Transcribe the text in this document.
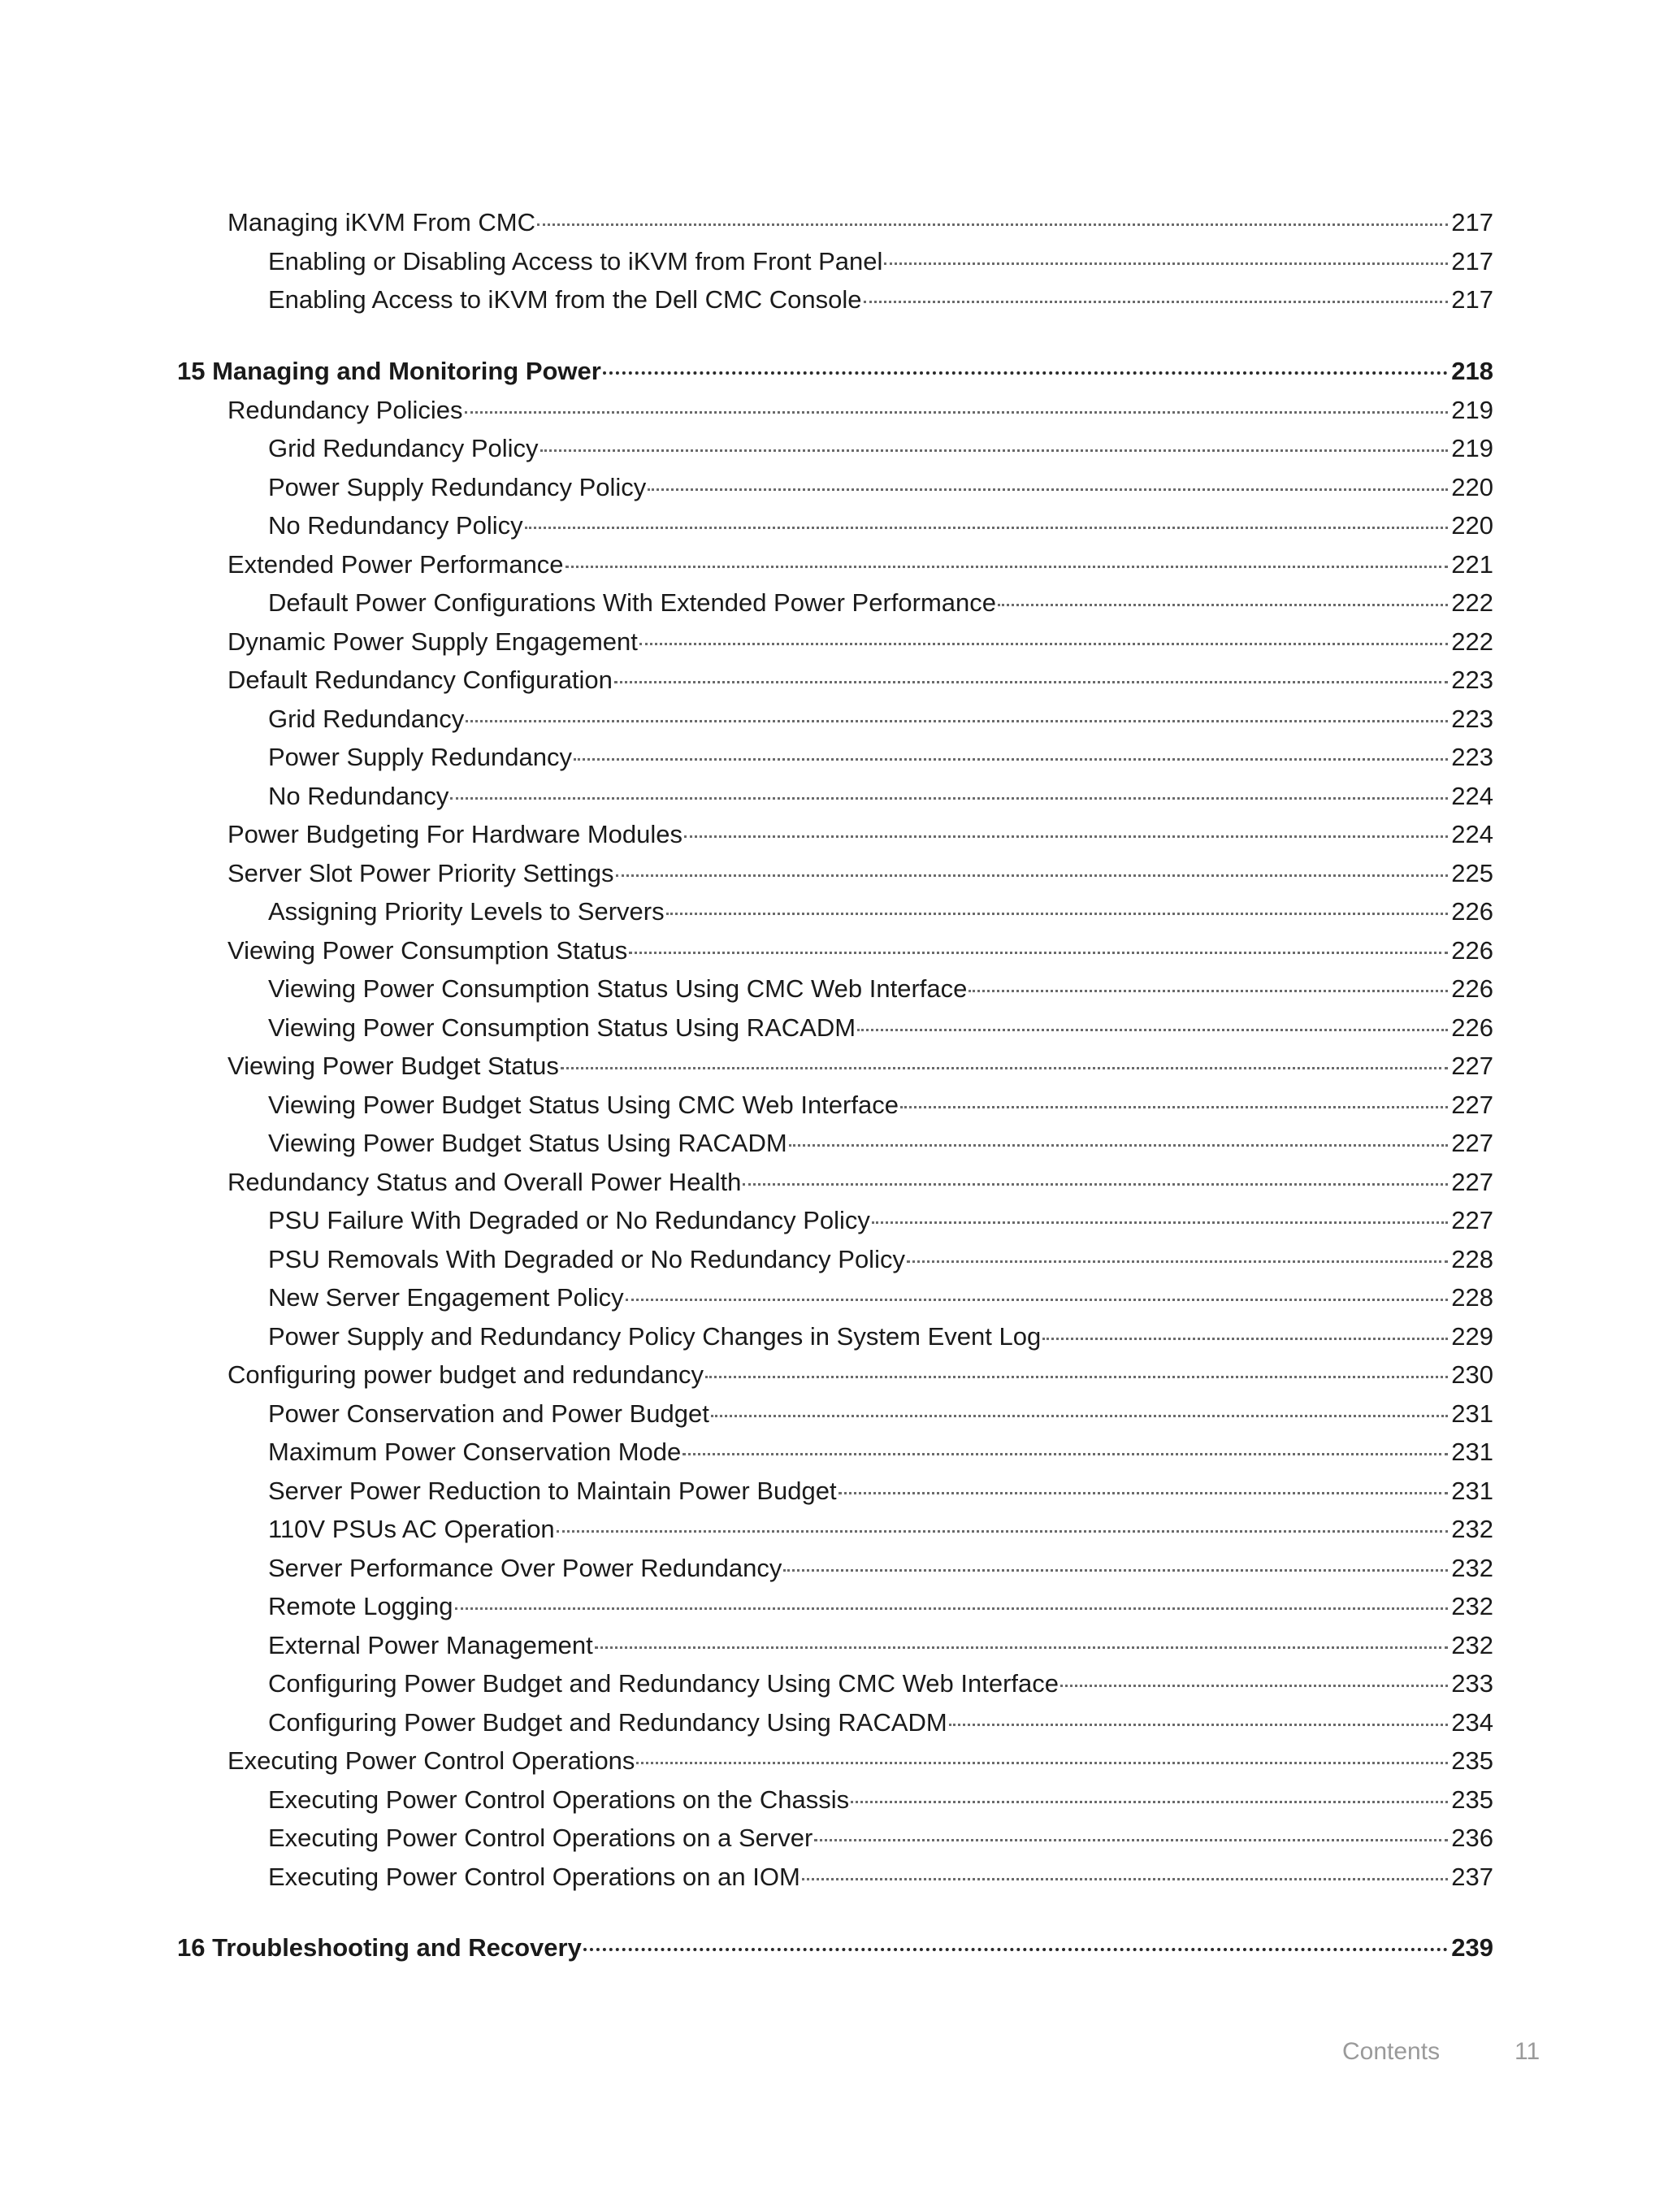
Managing iKVM From CMC	217
Enabling or Disabling Access to iKVM from Front Panel	217
Enabling Access to iKVM from the Dell CMC Console	217
15 Managing and Monitoring Power	218
Redundancy Policies	219
Grid Redundancy Policy	219
Power Supply Redundancy Policy	220
No Redundancy Policy	220
Extended Power Performance	221
Default Power Configurations With Extended Power Performance	222
Dynamic Power Supply Engagement	222
Default Redundancy Configuration	223
Grid Redundancy	223
Power Supply Redundancy	223
No Redundancy	224
Power Budgeting For Hardware Modules	224
Server Slot Power Priority Settings	225
Assigning Priority Levels to Servers	226
Viewing Power Consumption Status	226
Viewing Power Consumption Status Using CMC Web Interface	226
Viewing Power Consumption Status Using RACADM	226
Viewing Power Budget Status	227
Viewing Power Budget Status Using CMC Web Interface	227
Viewing Power Budget Status Using RACADM	227
Redundancy Status and Overall Power Health	227
PSU Failure With Degraded or No Redundancy Policy	227
PSU Removals With Degraded or No Redundancy Policy	228
New Server Engagement Policy	228
Power Supply and Redundancy Policy Changes in System Event Log	229
Configuring power budget and redundancy	230
Power Conservation and Power Budget	231
Maximum Power Conservation Mode	231
Server Power Reduction to Maintain Power Budget	231
110V PSUs AC Operation	232
Server Performance Over Power Redundancy	232
Remote Logging	232
External Power Management	232
Configuring Power Budget and Redundancy Using CMC Web Interface	233
Configuring Power Budget and Redundancy Using RACADM	234
Executing Power Control Operations	235
Executing Power Control Operations on the Chassis	235
Executing Power Control Operations on a Server	236
Executing Power Control Operations on an IOM	237
16 Troubleshooting and Recovery	239
Contents	11
